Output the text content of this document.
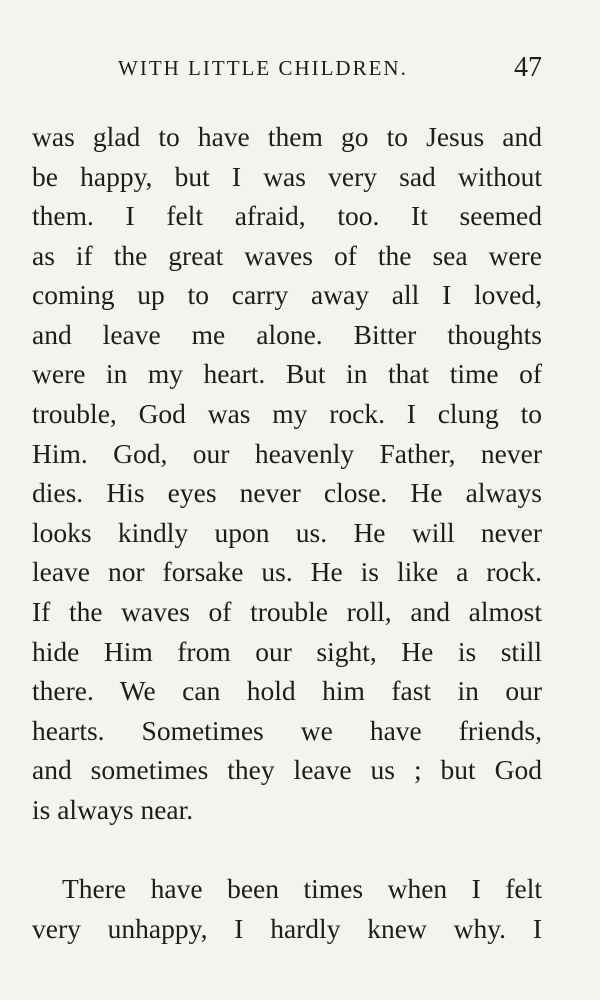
WITH LITTLE CHILDREN.	47
was glad to have them go to Jesus and
be happy, but I was very sad without
them. I felt afraid, too. It seemed
as if the great waves of the sea were
coming up to carry away all I loved,
and leave me alone. Bitter thoughts
were in my heart. But in that time of
trouble, God was my rock. I clung to
Him. God, our heavenly Father, never
dies. His eyes never close. He always
looks kindly upon us. He will never
leave nor forsake us. He is like a rock.
If the waves of trouble roll, and almost
hide Him from our sight, He is still
there. We can hold him fast in our
hearts. Sometimes we have friends,
and sometimes they leave us ; but God
is always near.
There have been times when I felt
very unhappy, I hardly knew why. I
